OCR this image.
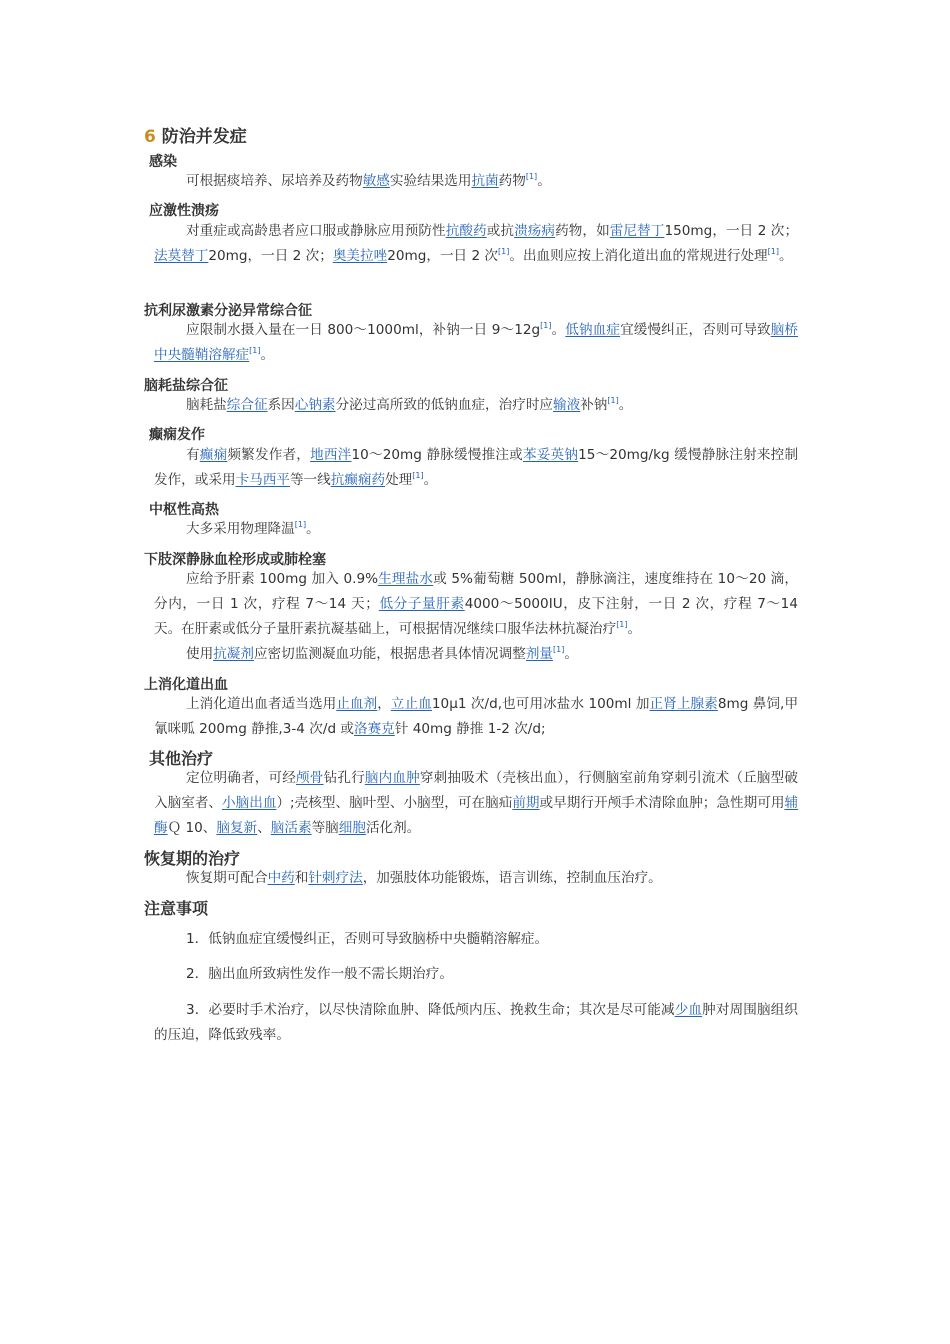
6 防治并发症
感染

可根据痰培养、尿培养及药物敏感实验结果选用抗菌药物[1]。

应激性溃疡

对重症或高龄患者应口服或静脉应用预防性抗酸药或抗溃疡病药物，如雷尼替丁150mg，一日 2 次；法莫替丁20mg，一日 2 次；奥美拉唑20mg，一日 2 次[1]。出血则应按上消化道出血的常规进行处理[1]。

抗利尿激素分泌异常综合征

应限制水摄入量在一日 800～1000ml，补钠一日 9～12g[1]。低钠血症宜缓慢纠正，否则可导致脑桥中央髓鞘溶解症[1]。

脑耗盐综合征

脑耗盐综合征系因心钠素分泌过高所致的低钠血症，治疗时应输液补钠[1]。

癫痫发作

有癫痫频繁发作者，地西泮10～20mg 静脉缓慢推注或苯妥英钠15～20mg/kg 缓慢静脉注射来控制发作，或采用卡马西平等一线抗癫痫药处理[1]。

中枢性高热

大多采用物理降温[1]。

下肢深静脉血栓形成或肺栓塞

应给予肝素 100mg 加入 0.9%生理盐水或 5%葡萄糖 500ml，静脉滴注，速度维持在 10～20 滴，分内，一日 1 次，疗程 7～14 天；低分子量肝素4000～5000IU，皮下注射，一日 2 次，疗程 7～14 天。在肝素或低分子量肝素抗凝基础上，可根据情况继续口服华法林抗凝治疗[1]。

使用抗凝剂应密切监测凝血功能，根据患者具体情况调整剂量[1]。

上消化道出血

上消化道出血者适当选用止血剂，立止血10μ1 次/d,也可用冰盐水 100ml 加正肾上腺素8mg 鼻饲,甲氰咪呱 200mg 静推,3-4 次/d 或洛赛克针 40mg 静推 1-2 次/d;

其他治疗

定位明确者，可经颅骨钻孔行脑内血肿穿刺抽吸术（壳核出血），行侧脑室前角穿刺引流术（丘脑型破入脑室者、小脑出血）;壳核型、脑叶型、小脑型，可在脑疝前期或早期行开颅手术清除血肿；急性期可用辅酶Ｑ 10、脑复新、脑活素等脑细胞活化剂。

恢复期的治疗

恢复期可配合中药和针刺疗法，加强肢体功能锻炼，语言训练，控制血压治疗。

注意事项

1．低钠血症宜缓慢纠正，否则可导致脑桥中央髓鞘溶解症。

2．脑出血所致病性发作一般不需长期治疗。

3．必要时手术治疗，以尽快清除血肿、降低颅内压、挽救生命；其次是尽可能减少血肿对周围脑组织的压迫，降低致残率。
